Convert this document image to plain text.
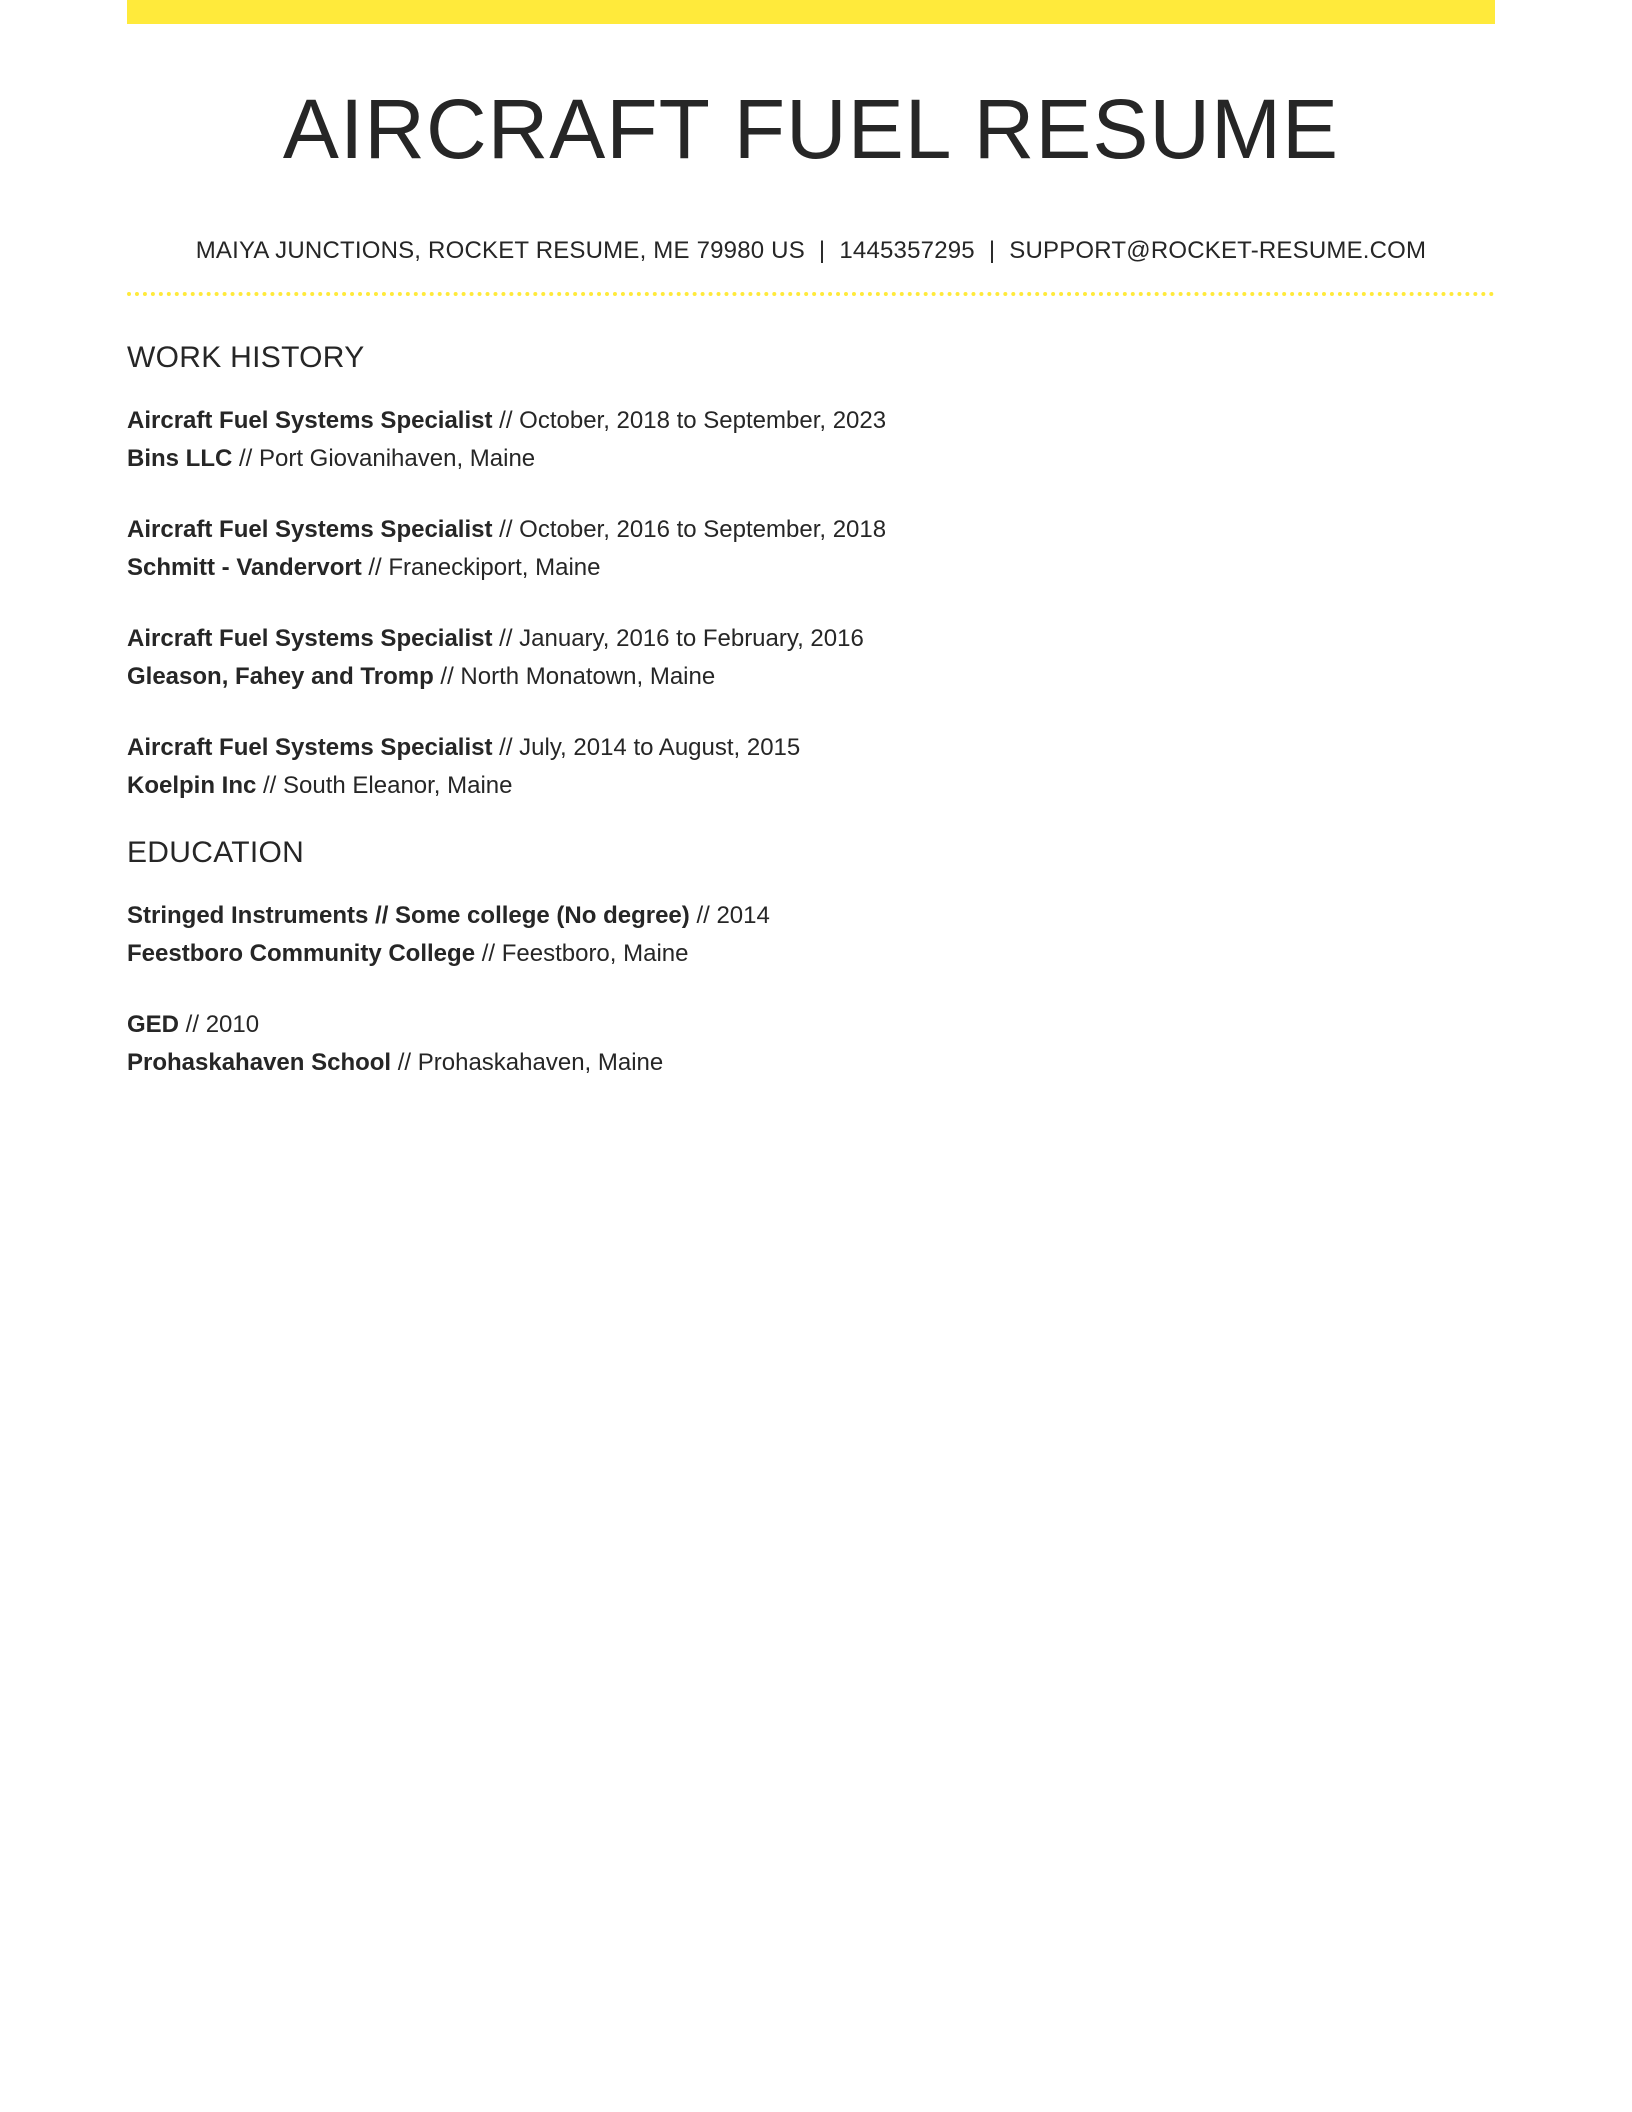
AIRCRAFT FUEL RESUME
MAIYA JUNCTIONS, ROCKET RESUME, ME 79980 US | 1445357295 | SUPPORT@ROCKET-RESUME.COM
WORK HISTORY
Aircraft Fuel Systems Specialist // October, 2018 to September, 2023
Bins LLC // Port Giovanihaven, Maine
Aircraft Fuel Systems Specialist // October, 2016 to September, 2018
Schmitt - Vandervort // Franeckiport, Maine
Aircraft Fuel Systems Specialist // January, 2016 to February, 2016
Gleason, Fahey and Tromp // North Monatown, Maine
Aircraft Fuel Systems Specialist // July, 2014 to August, 2015
Koelpin Inc // South Eleanor, Maine
EDUCATION
Stringed Instruments // Some college (No degree) // 2014
Feestboro Community College // Feestboro, Maine
GED // 2010
Prohaskahaven School // Prohaskahaven, Maine
